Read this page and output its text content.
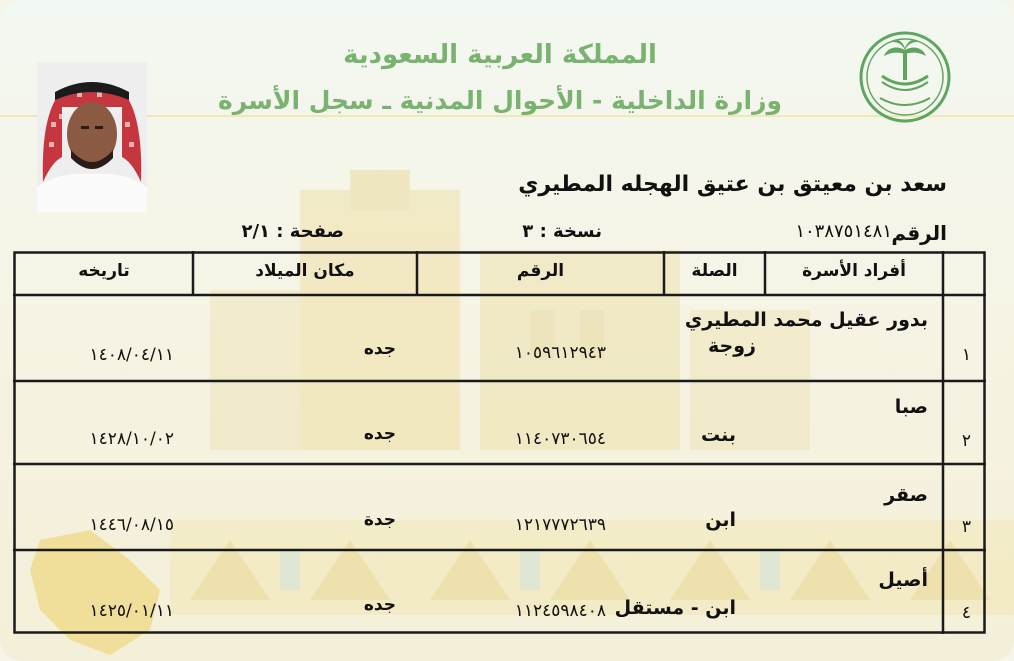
المملكة العربية السعودية
وزارة الداخلية - الأحوال المدنية ـ سجل الأسرة
سعد بن معيتق بن عتيق الهجله المطيري
الرقم
١٠٣٨٧٥١٤٨١
نسخة : ٣
صفحة : ٢/١
أفراد الأسرة
الصلة
الرقم
مكان الميلاد
تاريخه
١
بدور عقيل محمد المطيري
زوجة
١٠٥٩٦١٢٩٤٣
جده
١٤٠٨/٠٤/١١
٢
صبا
بنت
١١٤٠٧٣٠٦٥٤
جده
١٤٢٨/١٠/٠٢
٣
صقر
ابن
١٢١٧٧٧٢٦٣٩
جدة
١٤٤٦/٠٨/١٥
٤
أصيل
ابن - مستقل
١١٢٤٥٩٨٤٠٨
جده
١٤٢٥/٠١/١١
